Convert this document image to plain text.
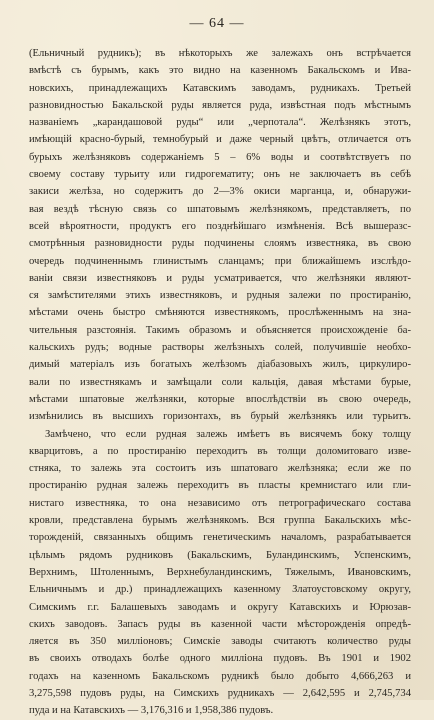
— 64 —
(Ельничный рудникъ); въ нѣкоторыхъ же залежахъ онъ встрѣчается
вмѣстѣ съ бурымъ, какъ это видно на казенномъ Бакальскомъ и Ива-
новскихъ, принадлежащихъ Катавскимъ заводамъ, рудникахъ. Третьей
разновидностью Бакальской руды является руда, извѣстная подъ мѣстнымъ
названіемъ „карандашовой руды“ или „черпотала“. Желѣзнякъ этотъ,
имѣющій красно-бурый, темнобурый и даже черный цвѣтъ, отличается отъ
бурыхъ желѣзняковъ содержаніемъ 5 – 6% воды и соотвѣтствуетъ по
своему составу турьиту или гидрогематиту; онъ не заключаетъ въ себѣ
закиси желѣза, но содержитъ до 2—3% окиси марганца, и, обнаружи-
вая вездѣ тѣсную связь со шпатовымъ желѣзнякомъ, представляетъ, по
всей вѣроятности, продуктъ его позднѣйшаго измѣненія. Всѣ вышеразс-
смотрѣнныя разновидности руды подчинены слоямъ известняка, въ свою
очередь подчиненнымъ глинистымъ сланцамъ; при ближайшемъ изслѣдо-
ваніи связи известняковъ и руды усматривается, что желѣзняки являют-
ся замѣстителями этихъ известняковъ, и рудныя залежи по простиранію,
мѣстами очень быстро смѣняются известнякомъ, прослѣженнымъ на зна-
чительныя разстоянія. Такимъ образомъ и объясняется происхожденіе ба-
кальскихъ рудъ; водные растворы желѣзныхъ солей, получившіе необхо-
димый матеріалъ изъ богатыхъ желѣзомъ діабазовыхъ жилъ, циркулиро-
вали по известнякамъ и замѣщали соли кальція, давая мѣстами бурые,
мѣстами шпатовые желѣзняки, которые впослѣдствіи въ свою очередь,
измѣнились въ высшихъ горизонтахъ, въ бурый желѣзнякъ или турьитъ.
Замѣчено, что если рудная залежь имѣетъ въ висячемъ боку толщу
кварцитовъ, а по простиранію переходитъ въ толщи доломитоваго изве-
стняка, то залежь эта состоитъ изъ шпатоваго желѣзняка; если же по
простиранію рудная залежь переходитъ въ пласты кремнистаго или гли-
нистаго известняка, то она независимо отъ петрографическаго состава
кровли, представлена бурымъ желѣзнякомъ. Вся группа Бакальскихъ мѣс-
торожденій, связанныхъ общимъ генетическимъ началомъ, разрабатывается
цѣлымъ рядомъ рудниковъ (Бакальскимъ, Буландинскимъ, Успенскимъ,
Верхнимъ, Штоленнымъ, Верхнебуландинскимъ, Тяжелымъ, Ивановскимъ,
Ельничнымъ и др.) принадлежащихъ казенному Златоустовскому округу,
Симскимъ г.г. Балашевыхъ заводамъ и округу Катавскихъ и Юрюзав-
скихъ заводовъ. Запасъ руды въ казенной части мѣсторожденія опредѣ-
ляется въ 350 милліоновъ; Симскіе заводы считаютъ количество руды
въ своихъ отводахъ болѣе одного милліона пудовъ. Въ 1901 и 1902
годахъ на казенномъ Бакальскомъ рудникѣ было добыто 4,666,263 и
3,275,598 пудовъ руды, на Симскихъ рудникахъ — 2,642,595 и 2,745,734
пуда и на Катавскихъ — 3,176,316 и 1,958,386 пудовъ.
